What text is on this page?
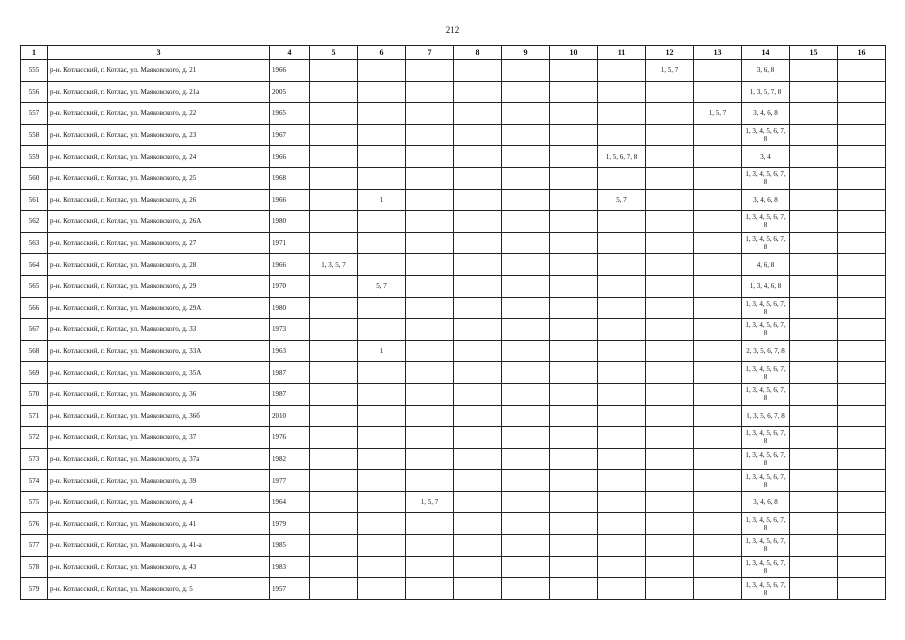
212
1	3	4	5	6	7	8	9	10	11	12	13	14	15	16
555	р-н. Котласский, г. Котлас, ул. Маяковского, д. 21	1966								1, 5, 7		3, 6, 8		
556	р-н. Котласский, г. Котлас, ул. Маяковского, д. 21а	2005										1, 3, 5, 7, 8		
557	р-н. Котласский, г. Котлас, ул. Маяковского, д. 22	1965									1, 5, 7	3, 4, 6, 8		
558	р-н. Котласский, г. Котлас, ул. Маяковского, д. 23	1967										1, 3, 4, 5, 6, 7, 8		
559	р-н. Котласский, г. Котлас, ул. Маяковского, д. 24	1966							1, 5, 6, 7, 8			3, 4		
560	р-н. Котласский, г. Котлас, ул. Маяковского, д. 25	1968										1, 3, 4, 5, 6, 7, 8		
561	р-н. Котласский, г. Котлас, ул. Маяковского, д. 26	1966		1					5, 7			3, 4, 6, 8		
562	р-н. Котласский, г. Котлас, ул. Маяковского, д. 26А	1980										1, 3, 4, 5, 6, 7, 8		
563	р-н. Котласский, г. Котлас, ул. Маяковского, д. 27	1971										1, 3, 4, 5, 6, 7, 8		
564	р-н. Котласский, г. Котлас, ул. Маяковского, д. 28	1966	1, 3, 5, 7									4, 6, 8		
565	р-н. Котласский, г. Котлас, ул. Маяковского, д. 29	1970		5, 7								1, 3, 4, 6, 8		
566	р-н. Котласский, г. Котлас, ул. Маяковского, д. 29А	1980										1, 3, 4, 5, 6, 7, 8		
567	р-н. Котласский, г. Котлас, ул. Маяковского, д. 33	1973										1, 3, 4, 5, 6, 7, 8		
568	р-н. Котласский, г. Котлас, ул. Маяковского, д. 33А	1963		1								2, 3, 5, 6, 7, 8		
569	р-н. Котласский, г. Котлас, ул. Маяковского, д. 35А	1987										1, 3, 4, 5, 6, 7, 8		
570	р-н. Котласский, г. Котлас, ул. Маяковского, д. 36	1987										1, 3, 4, 5, 6, 7, 8		
571	р-н. Котласский, г. Котлас, ул. Маяковского, д. 36б	2010										1, 3, 5, 6, 7, 8		
572	р-н. Котласский, г. Котлас, ул. Маяковского, д. 37	1976										1, 3, 4, 5, 6, 7, 8		
573	р-н. Котласский, г. Котлас, ул. Маяковского, д. 37а	1982										1, 3, 4, 5, 6, 7, 8		
574	р-н. Котласский, г. Котлас, ул. Маяковского, д. 39	1977										1, 3, 4, 5, 6, 7, 8		
575	р-н. Котласский, г. Котлас, ул. Маяковского, д. 4	1964			1, 5, 7							3, 4, 6, 8		
576	р-н. Котласский, г. Котлас, ул. Маяковского, д. 41	1979										1, 3, 4, 5, 6, 7, 8		
577	р-н. Котласский, г. Котлас, ул. Маяковского, д. 41-а	1985										1, 3, 4, 5, 6, 7, 8		
578	р-н. Котласский, г. Котлас, ул. Маяковского, д. 43	1983										1, 3, 4, 5, 6, 7, 8		
579	р-н. Котласский, г. Котлас, ул. Маяковского, д. 5	1957										1, 3, 4, 5, 6, 7, 8		
